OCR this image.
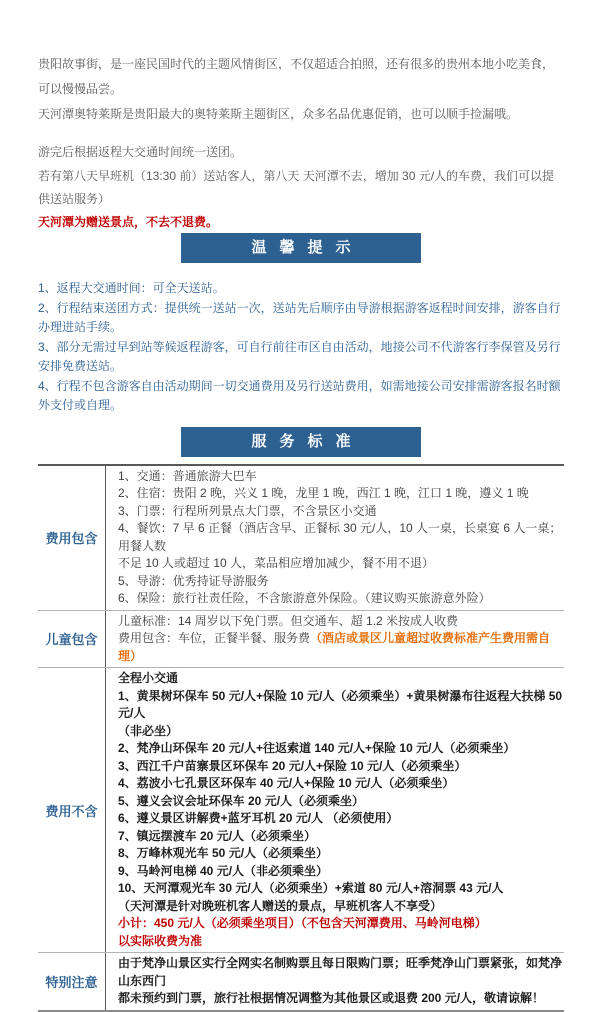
贵阳故事街，是一座民国时代的主题风情街区，不仅超适合拍照，还有很多的贵州本地小吃美食，可以慢慢品尝。
天河潭奥特莱斯是贵阳最大的奥特莱斯主题街区，众多名品优惠促销，也可以顺手捡漏哦。
游完后根据返程大交通时间统一送团。
若有第八天早班机（13:30 前）送站客人，第八天 天河潭不去，增加 30 元/人的车费，我们可以提供送站服务）
天河潭为赠送景点，不去不退费。
温馨提示
1、返程大交通时间：可全天送站。
2、行程结束送团方式：提供统一送站一次，送站先后顺序由导游根据游客返程时间安排，游客自行办理进站手续。
3、部分无需过早到站等候返程游客，可自行前往市区自由活动，地接公司不代游客行李保管及另行安排免费送站。
4、行程不包含游客自由活动期间一切交通费用及另行送站费用，如需地接公司安排需游客报名时额外支付或自理。
服务标准
费用包含
1、交通：普通旅游大巴车
2、住宿：贵阳 2 晚，兴义 1 晚，龙里 1 晚，西江 1 晚，江口 1 晚，遵义 1 晚
3、门票：行程所列景点大门票，不含景区小交通
4、餐饮：7 早 6 正餐（酒店含早、正餐标 30 元/人，10 人一桌，长桌宴 6 人一桌；用餐人数
不足 10 人或超过 10 人，菜品相应增加减少，餐不用不退）
5、导游：优秀持证导游服务
6、保险：旅行社责任险，不含旅游意外保险。（建议购买旅游意外险）
儿童包含
儿童标准：14 周岁以下免门票。但交通车、超 1.2 米按成人收费
费用包含：车位，正餐半餐、服务费（酒店或景区儿童超过收费标准产生费用需自理）
费用不含
全程小交通
1、黄果树环保车 50 元/人+保险 10 元/人（必须乘坐）+黄果树瀑布往返程大扶梯 50 元/人
（非必坐）
2、梵净山环保车 20 元/人+往返索道 140 元/人+保险 10 元/人（必须乘坐）
3、西江千户苗寨景区环保车 20 元/人+保险 10 元/人（必须乘坐）
4、荔波小七孔景区环保车 40 元/人+保险 10 元/人（必须乘坐）
5、遵义会议会址环保车 20 元/人（必须乘坐）
6、遵义景区讲解费+蓝牙耳机 20 元/人 （必须使用）
7、镇远摆渡车 20 元/人（必须乘坐）
8、万峰林观光车 50 元/人（必须乘坐）
9、马岭河电梯 40 元/人（非必须乘坐）
10、天河潭观光车 30 元/人（必须乘坐）+索道 80 元/人+溶洞票 43 元/人
（天河潭是针对晚班机客人赠送的景点，早班机客人不享受）
小计：450 元/人（必须乘坐项目）（不包含天河潭费用、马岭河电梯）
以实际收费为准
特别注意
由于梵净山景区实行全网实名制购票且每日限购门票；旺季梵净山门票紧张，如梵净山东西门
都未预约到门票，旅行社根据情况调整为其他景区或退费 200 元/人，敬请谅解！
